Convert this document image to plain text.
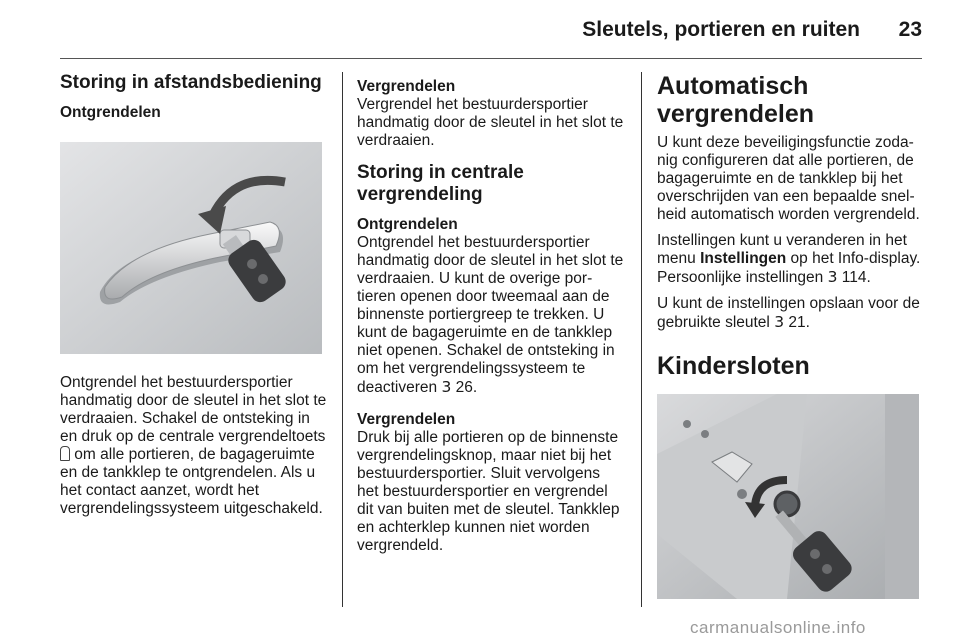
Sleutels, portieren en ruiten 23
Storing in afstandsbediening
Ontgrendelen

Ontgrendel het bestuurdersportier handmatig door de sleutel in het slot te verdraaien. Schakel de ontsteking in en druk op de centrale vergrendeltoets  om alle portieren, de bagageruimte en de tankklep te ontgrendelen. Als u het contact aanzet, wordt het vergrendelingssysteem uitgeschakeld.

Vergrendelen

Vergrendel het bestuurdersportier handmatig door de sleutel in het slot te verdraaien.

Storing in centrale vergrendeling
Ontgrendelen

Ontgrendel het bestuurdersportier handmatig door de sleutel in het slot te verdraaien. U kunt de overige portieren openen door tweemaal aan de binnenste portiergreep te trekken. U kunt de bagageruimte en de tankklep niet openen. Schakel de ontsteking in om het vergrendelingssysteem te deactiveren 3 26.

Vergrendelen

Druk bij alle portieren op de binnenste vergrendelingsknop, maar niet bij het bestuurdersportier. Sluit vervolgens het bestuurdersportier en vergrendel dit van buiten met de sleutel. Tankklep en achterklep kunnen niet worden vergrendeld.

Automatisch vergrendelen

U kunt deze beveiligingsfunctie zodanig configureren dat alle portieren, de bagageruimte en de tankklep bij het overschrijden van een bepaalde snelheid automatisch worden vergrendeld.

Instellingen kunt u veranderen in het menu Instellingen op het Info-display. Persoonlijke instellingen 3 114.

U kunt de instellingen opslaan voor de gebruikte sleutel 3 21.

Kindersloten
carmanualsonline.info
